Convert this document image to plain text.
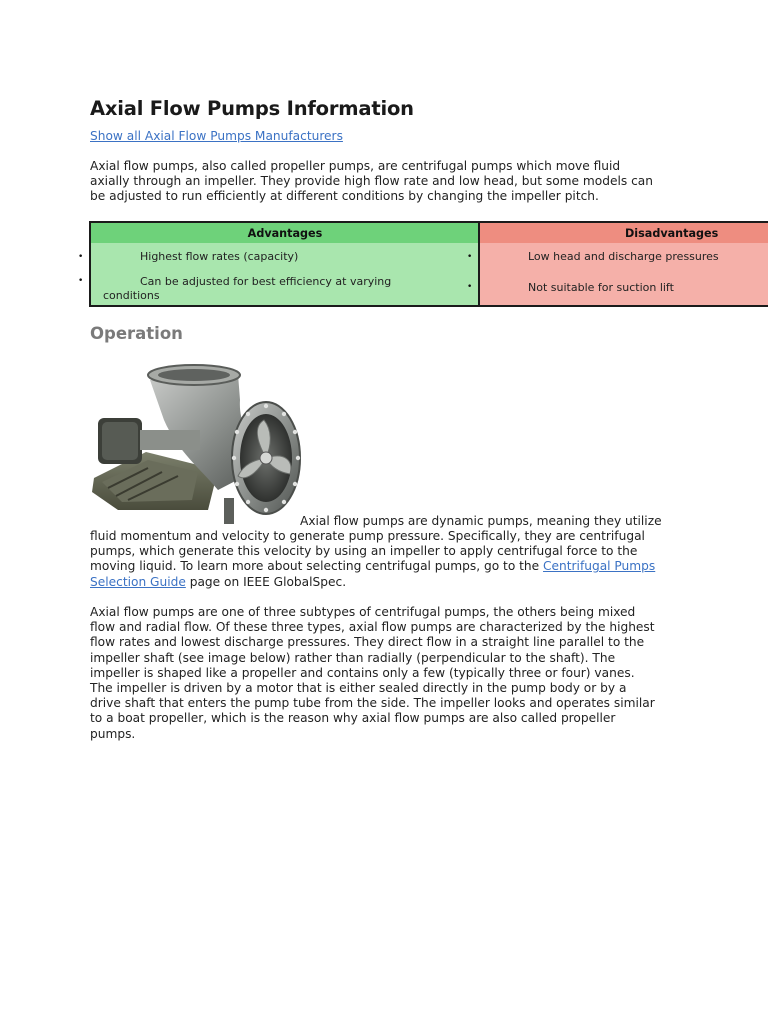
Axial Flow Pumps Information
Show all Axial Flow Pumps Manufacturers

Axial flow pumps, also called propeller pumps, are centrifugal pumps which move fluid
axially through an impeller. They provide high flow rate and low head, but some models can
be adjusted to run efficiently at different conditions by changing the impeller pitch.

Advantages	Disadvantages
•	•
•
•
Highest flow rates (capacity)
Can be adjusted for best efficiency at varying
conditions
Low head and discharge pressures
Not suitable for suction lift
Operation

Axial flow pumps are dynamic pumps, meaning they utilize

fluid momentum and velocity to generate pump pressure. Specifically, they are centrifugal
pumps, which generate this velocity by using an impeller to apply centrifugal force to the
moving liquid. To learn more about selecting centrifugal pumps, go to the Centrifugal Pumps
Selection Guide page on IEEE GlobalSpec.

Axial flow pumps are one of three subtypes of centrifugal pumps, the others being mixed
flow and radial flow. Of these three types, axial flow pumps are characterized by the highest
flow rates and lowest discharge pressures. They direct flow in a straight line parallel to the
impeller shaft (see image below) rather than radially (perpendicular to the shaft). The
impeller is shaped like a propeller and contains only a few (typically three or four) vanes.
The impeller is driven by a motor that is either sealed directly in the pump body or by a
drive shaft that enters the pump tube from the side. The impeller looks and operates similar
to a boat propeller, which is the reason why axial flow pumps are also called propeller
pumps.
